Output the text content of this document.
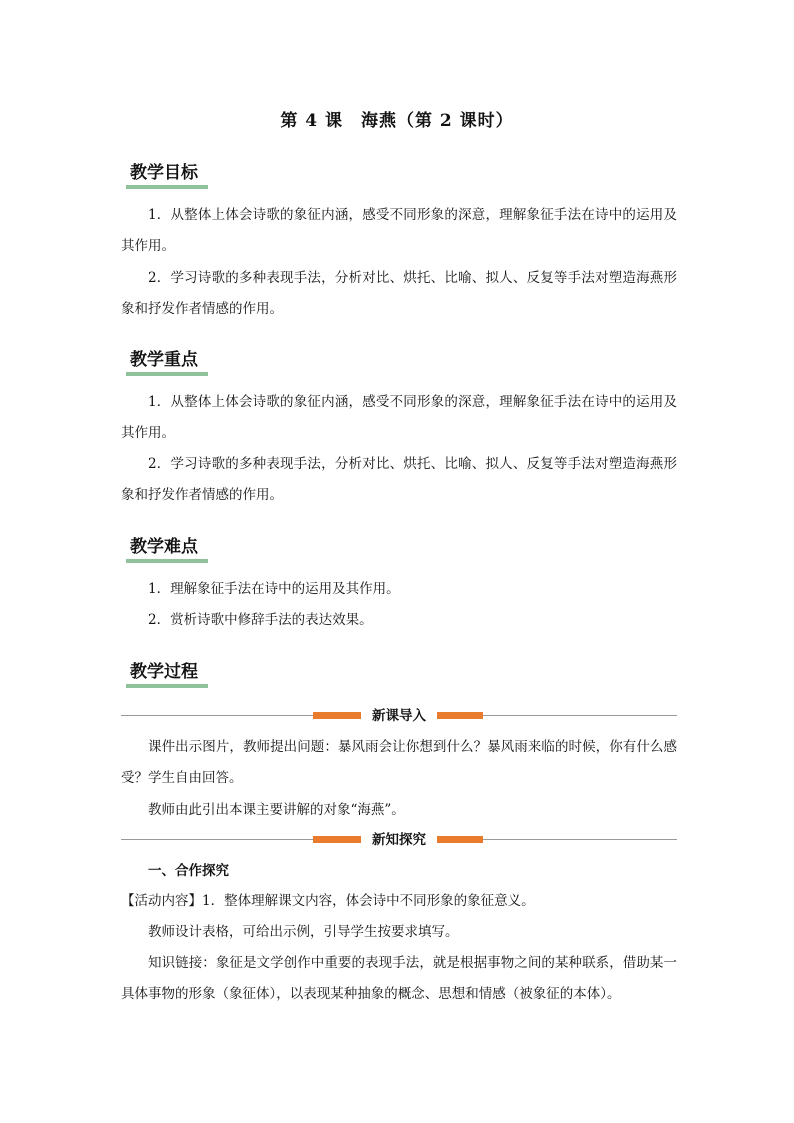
第 4 课　海燕（第 2 课时）
教学目标
1．从整体上体会诗歌的象征内涵，感受不同形象的深意，理解象征手法在诗中的运用及其作用。
2．学习诗歌的多种表现手法，分析对比、烘托、比喻、拟人、反复等手法对塑造海燕形象和抒发作者情感的作用。
教学重点
1．从整体上体会诗歌的象征内涵，感受不同形象的深意，理解象征手法在诗中的运用及其作用。
2．学习诗歌的多种表现手法，分析对比、烘托、比喻、拟人、反复等手法对塑造海燕形象和抒发作者情感的作用。
教学难点
1．理解象征手法在诗中的运用及其作用。
2．赏析诗歌中修辞手法的表达效果。
教学过程
新课导入
课件出示图片，教师提出问题：暴风雨会让你想到什么？暴风雨来临的时候，你有什么感受？学生自由回答。
教师由此引出本课主要讲解的对象“海燕”。
新知探究
一、合作探究
【活动内容】1．整体理解课文内容，体会诗中不同形象的象征意义。
教师设计表格，可给出示例，引导学生按要求填写。
知识链接：象征是文学创作中重要的表现手法，就是根据事物之间的某种联系，借助某一具体事物的形象（象征体），以表现某种抽象的概念、思想和情感（被象征的本体）。
